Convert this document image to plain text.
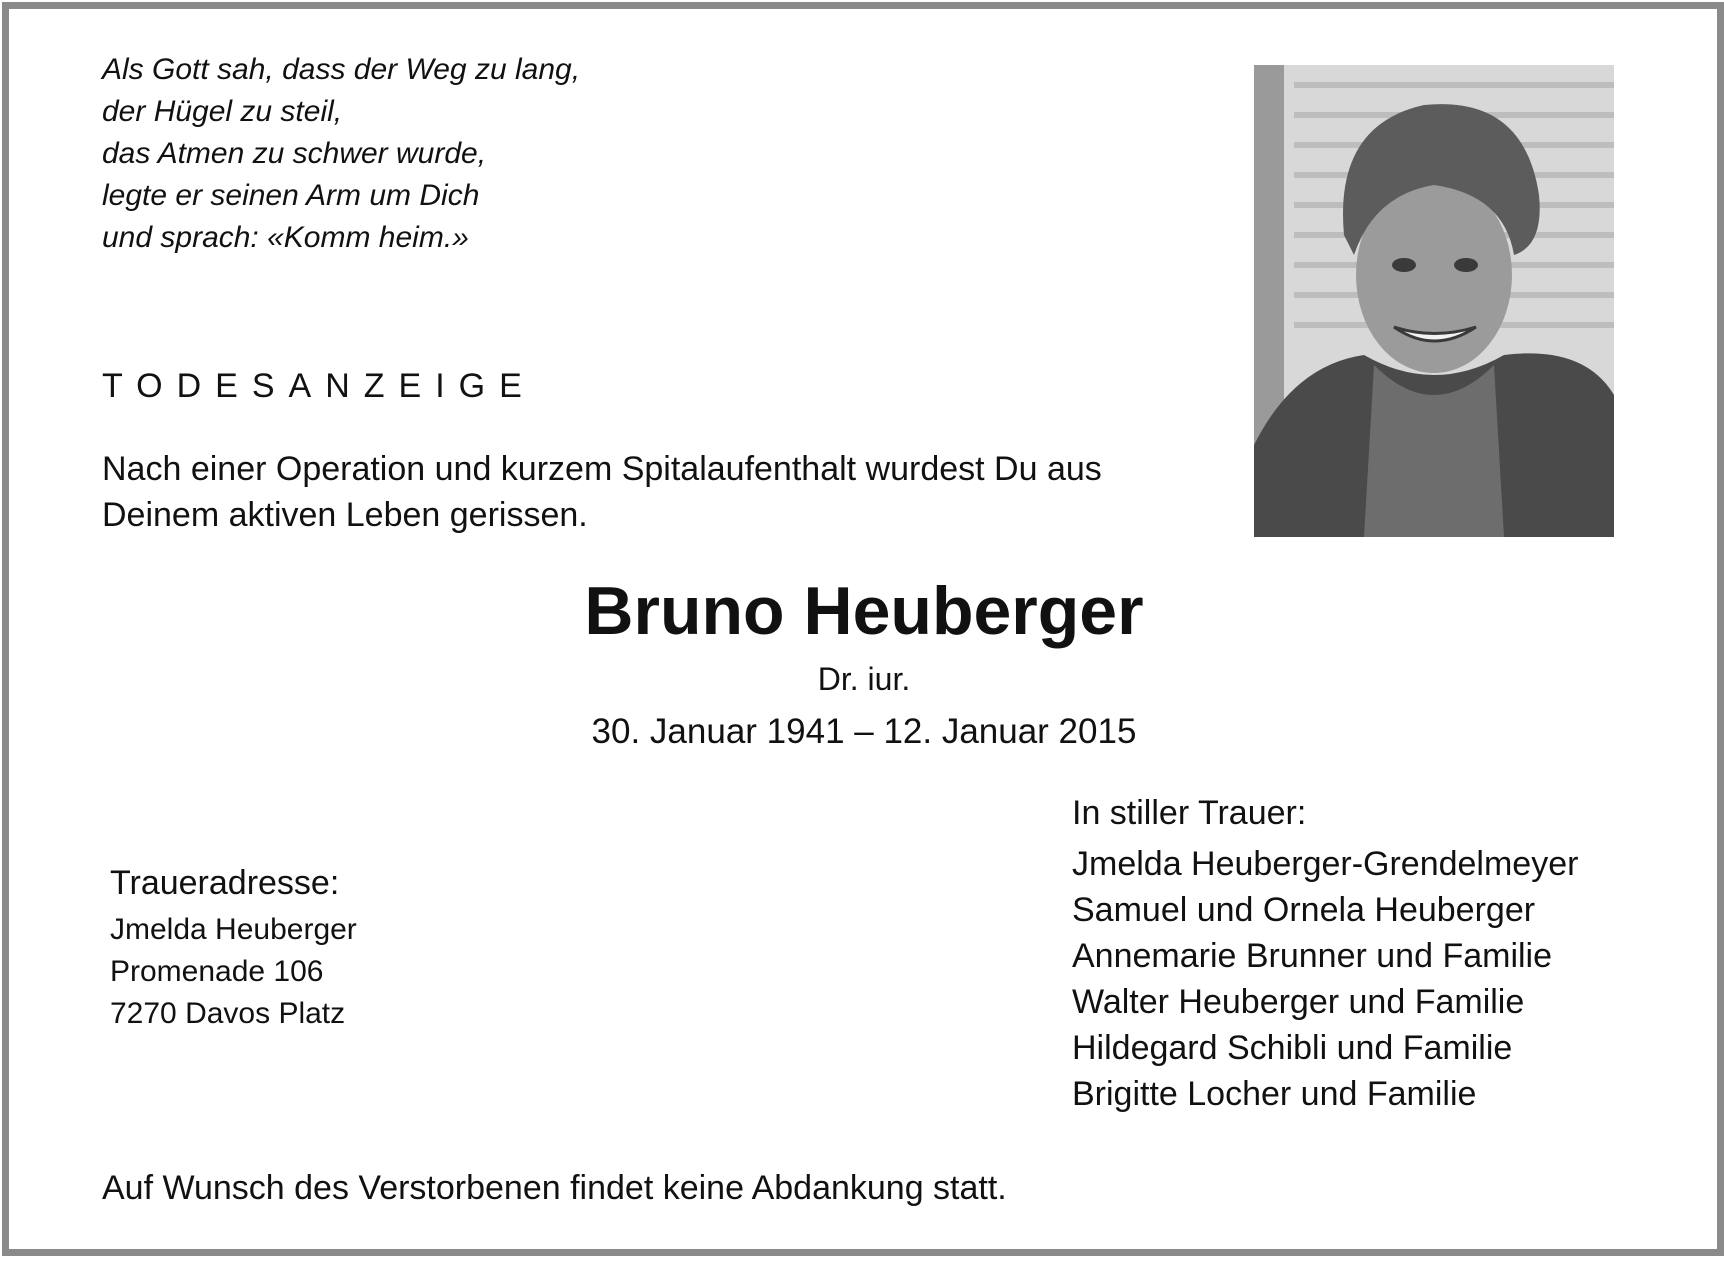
Als Gott sah, dass der Weg zu lang,
der Hügel zu steil,
das Atmen zu schwer wurde,
legte er seinen Arm um Dich
und sprach: «Komm heim.»
TODESANZEIGE
Nach einer Operation und kurzem Spitalaufenthalt wurdest Du aus Deinem aktiven Leben gerissen.
Bruno Heuberger
Dr. iur.
30. Januar 1941 – 12. Januar 2015
Traueradresse:
Jmelda Heuberger
Promenade 106
7270 Davos Platz
In stiller Trauer:
Jmelda Heuberger-Grendelmeyer
Samuel und Ornela Heuberger
Annemarie Brunner und Familie
Walter Heuberger und Familie
Hildegard Schibli und Familie
Brigitte Locher und Familie
Auf Wunsch des Verstorbenen findet keine Abdankung statt.
